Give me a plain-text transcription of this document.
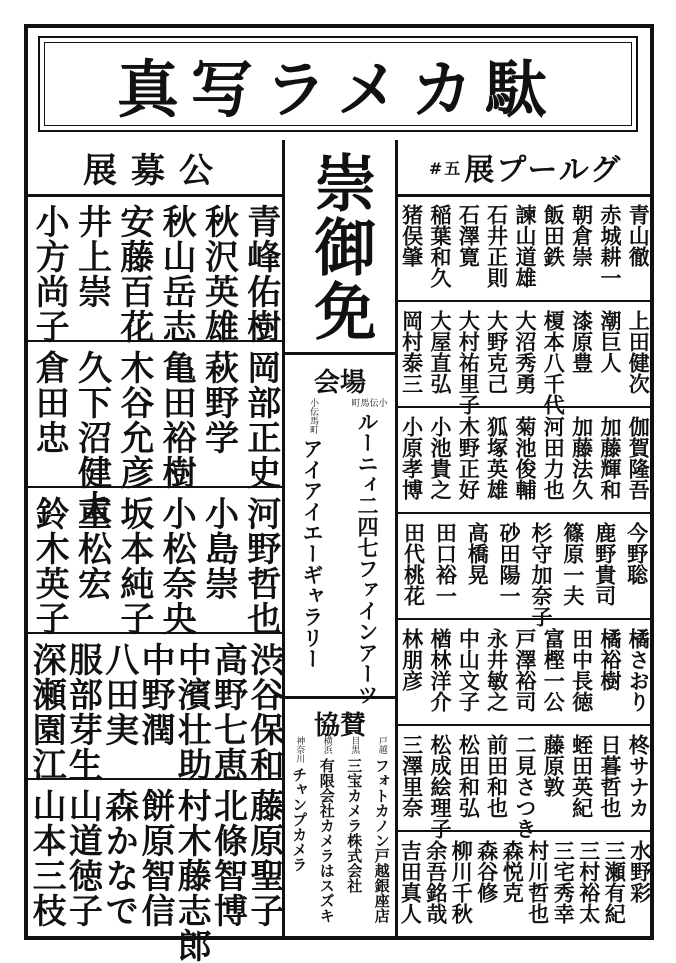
真写ラメカ駄
展募公
青峰佑樹
秋沢英雄
秋山岳志
安藤百花
井上崇
小方尚子
岡部正史
萩野学
亀田裕樹
木谷允彦
久下沼健太
倉田忠
河野哲也
小島崇
小松奈央
坂本純子
重松宏
鈴木英子
渋谷保和
高野七恵
中濱壮助
中野潤
八田実
服部芽生
深瀬園江
藤原聖子
北條智博
村木藤志郎
餅原智信
森かなで
山道徳子
山本三枝
崇御免
会場
小伝馬町
ルーニィ二四七ファインアーツ
小伝馬町
アイアイエーギャラリー
協賛
戸越
フォトカノン戸越銀座店
目黒
三宝カメラ株式会社
横浜
有限会社カメラはスズキ
神奈川
チャンプカメラ
#五 展プールグ
青山徹
赤城耕一
朝倉崇
飯田鉄
諫山道雄
石井正則
石澤寛
稲葉和久
猪俣肇
上田健次
潮巨人
漆原豊
榎本八千代
大沼秀勇
大野克己
大村祐里子
大屋直弘
岡村泰三
伽賀隆吾
加藤輝和
加藤法久
河田力也
菊池俊輔
狐塚英雄
木野正好
小池貴之
小原孝博
今野聡
鹿野貴司
篠原一夫
杉守加奈子
砂田陽一
高橋晃
田口裕一
田代桃花
橘さおり
橘裕樹
田中長徳
富樫一公
戸澤裕司
永井敏之
中山文子
楢林洋介
林朋彦
柊サナカ
日暮哲也
蛭田英紀
藤原敦
二見さつき
前田和也
松田和弘
松成絵理子
三澤里奈
水野彩
三瀬有紀
三村裕太
三宅秀幸
村川哲也
森悦克
森谷修
柳川千秋
余吾銘哉
吉田真人
